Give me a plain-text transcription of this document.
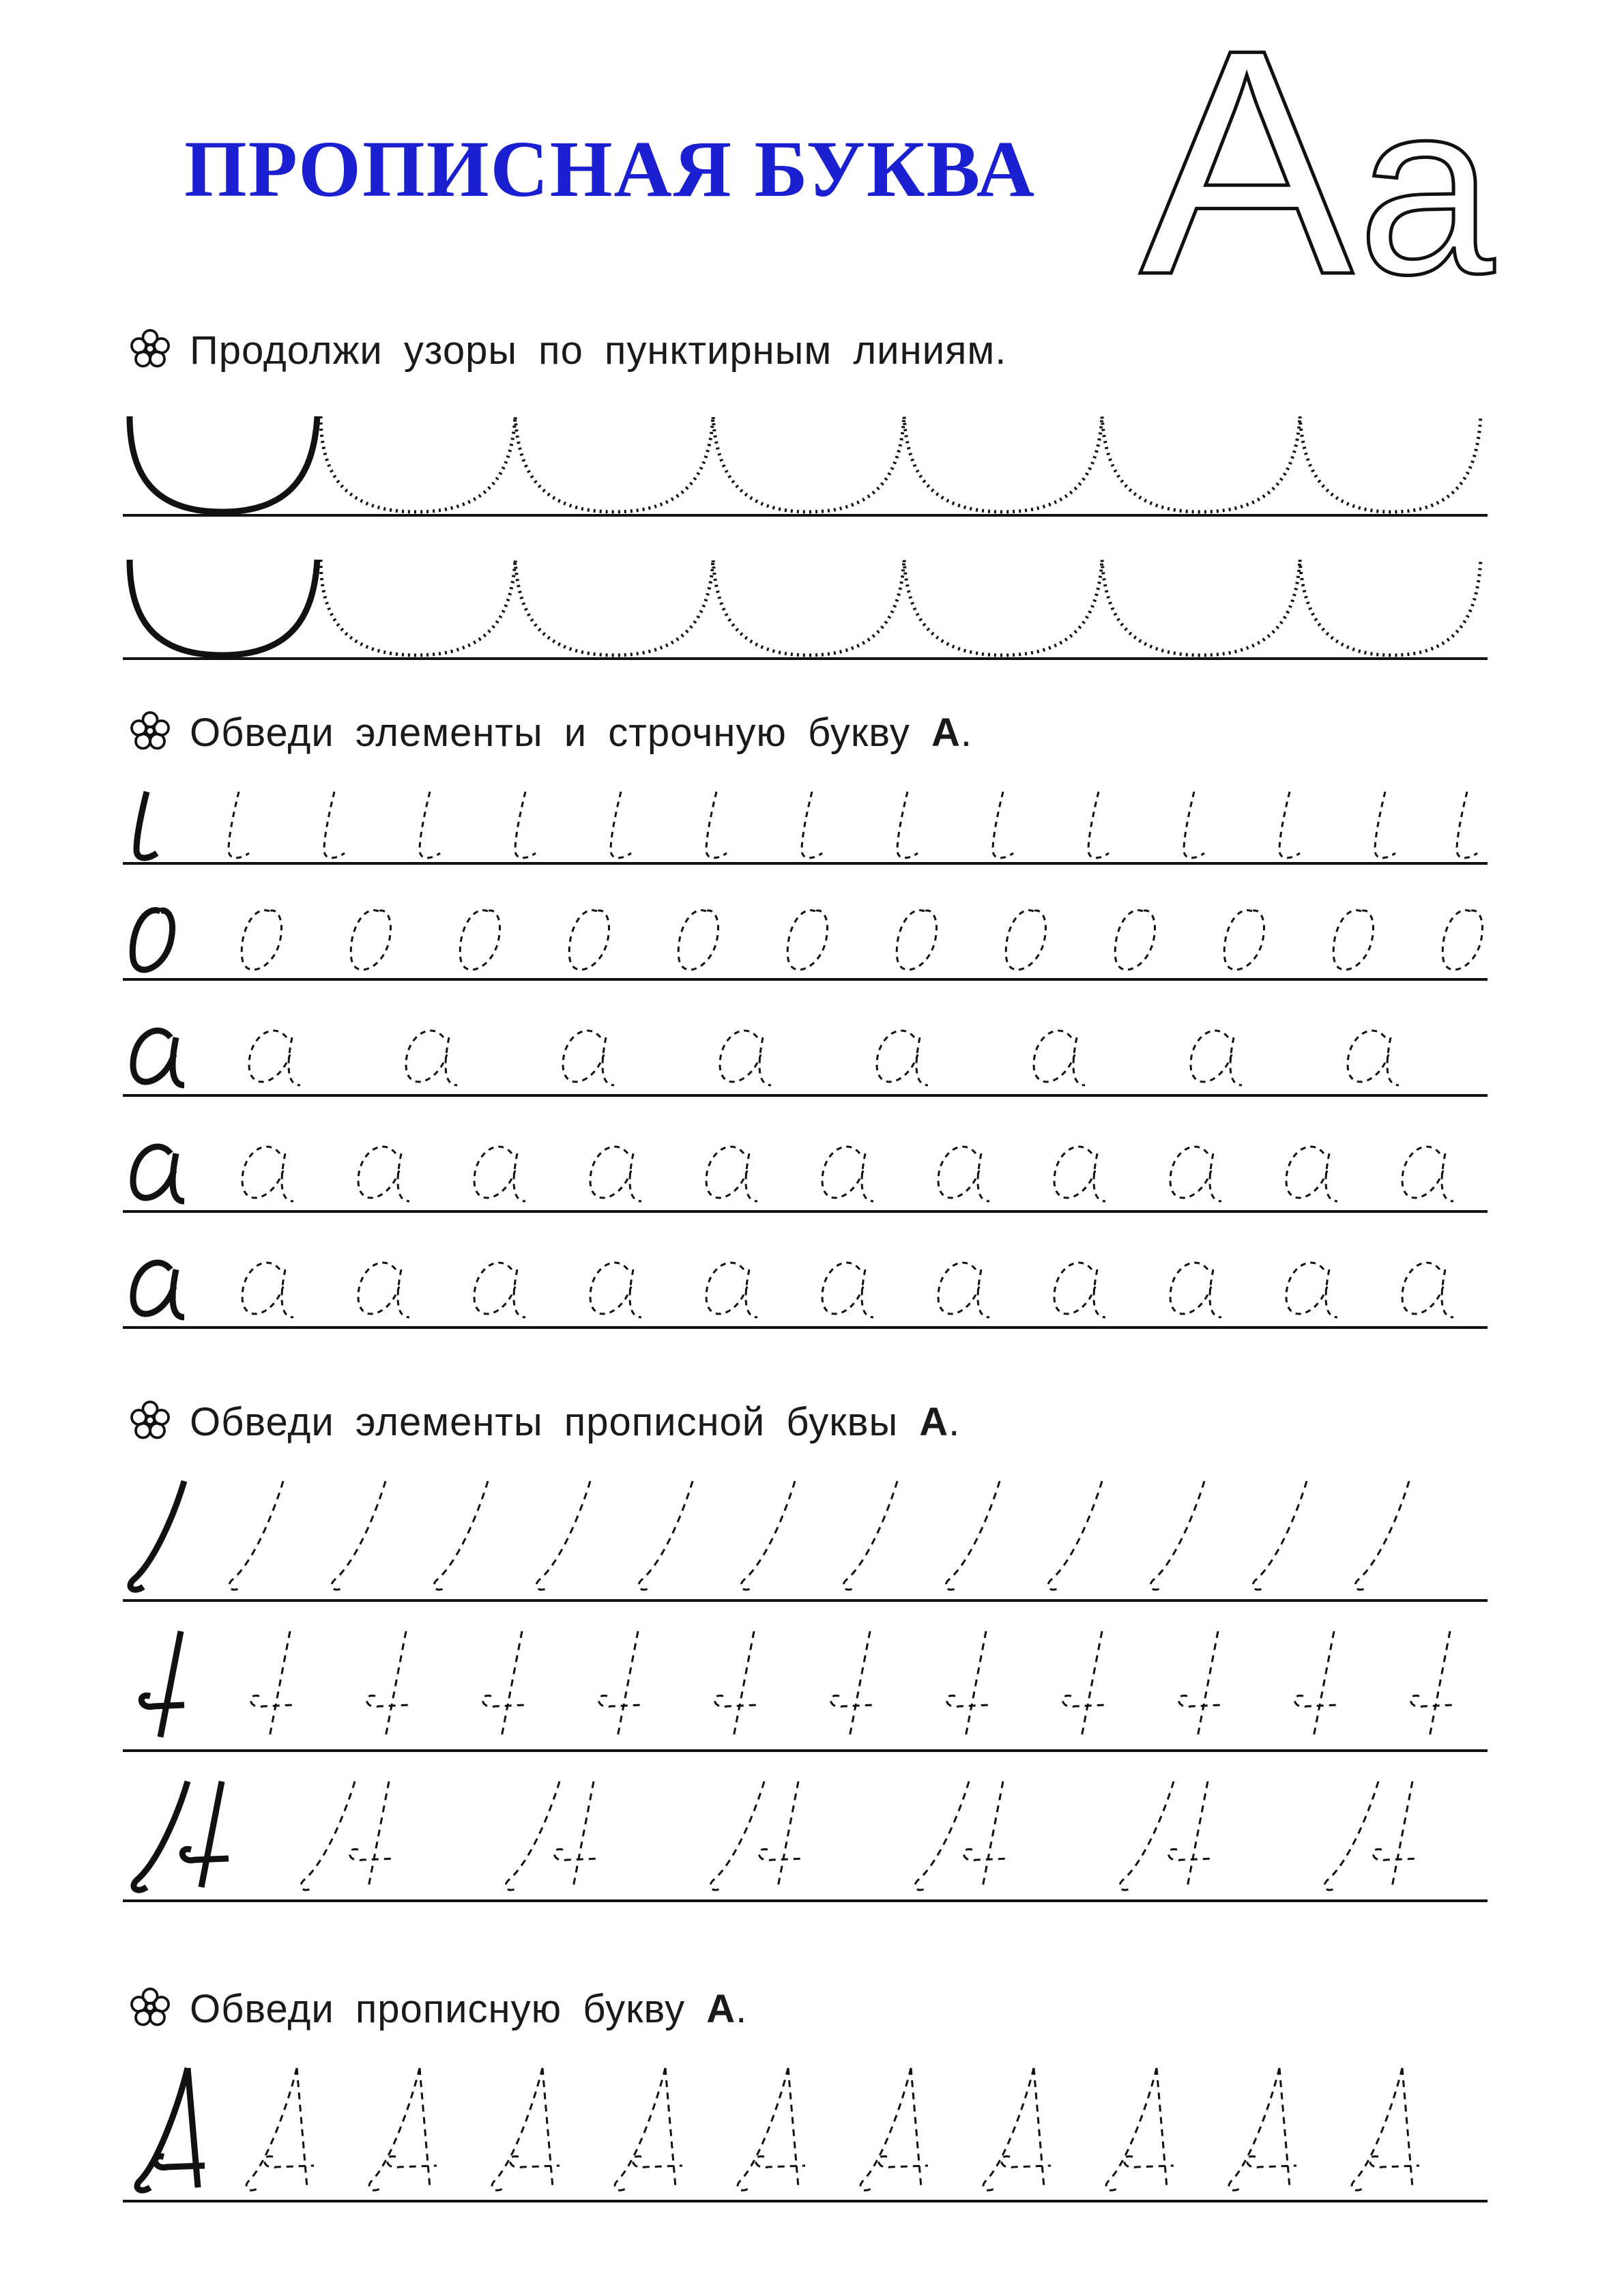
ПРОПИСНАЯ БУКВА А а
Продолжи узоры по пунктирным линиям.
Обведи элементы и строчную букву А.
Обведи элементы прописной буквы А.
Обведи прописную букву А.
